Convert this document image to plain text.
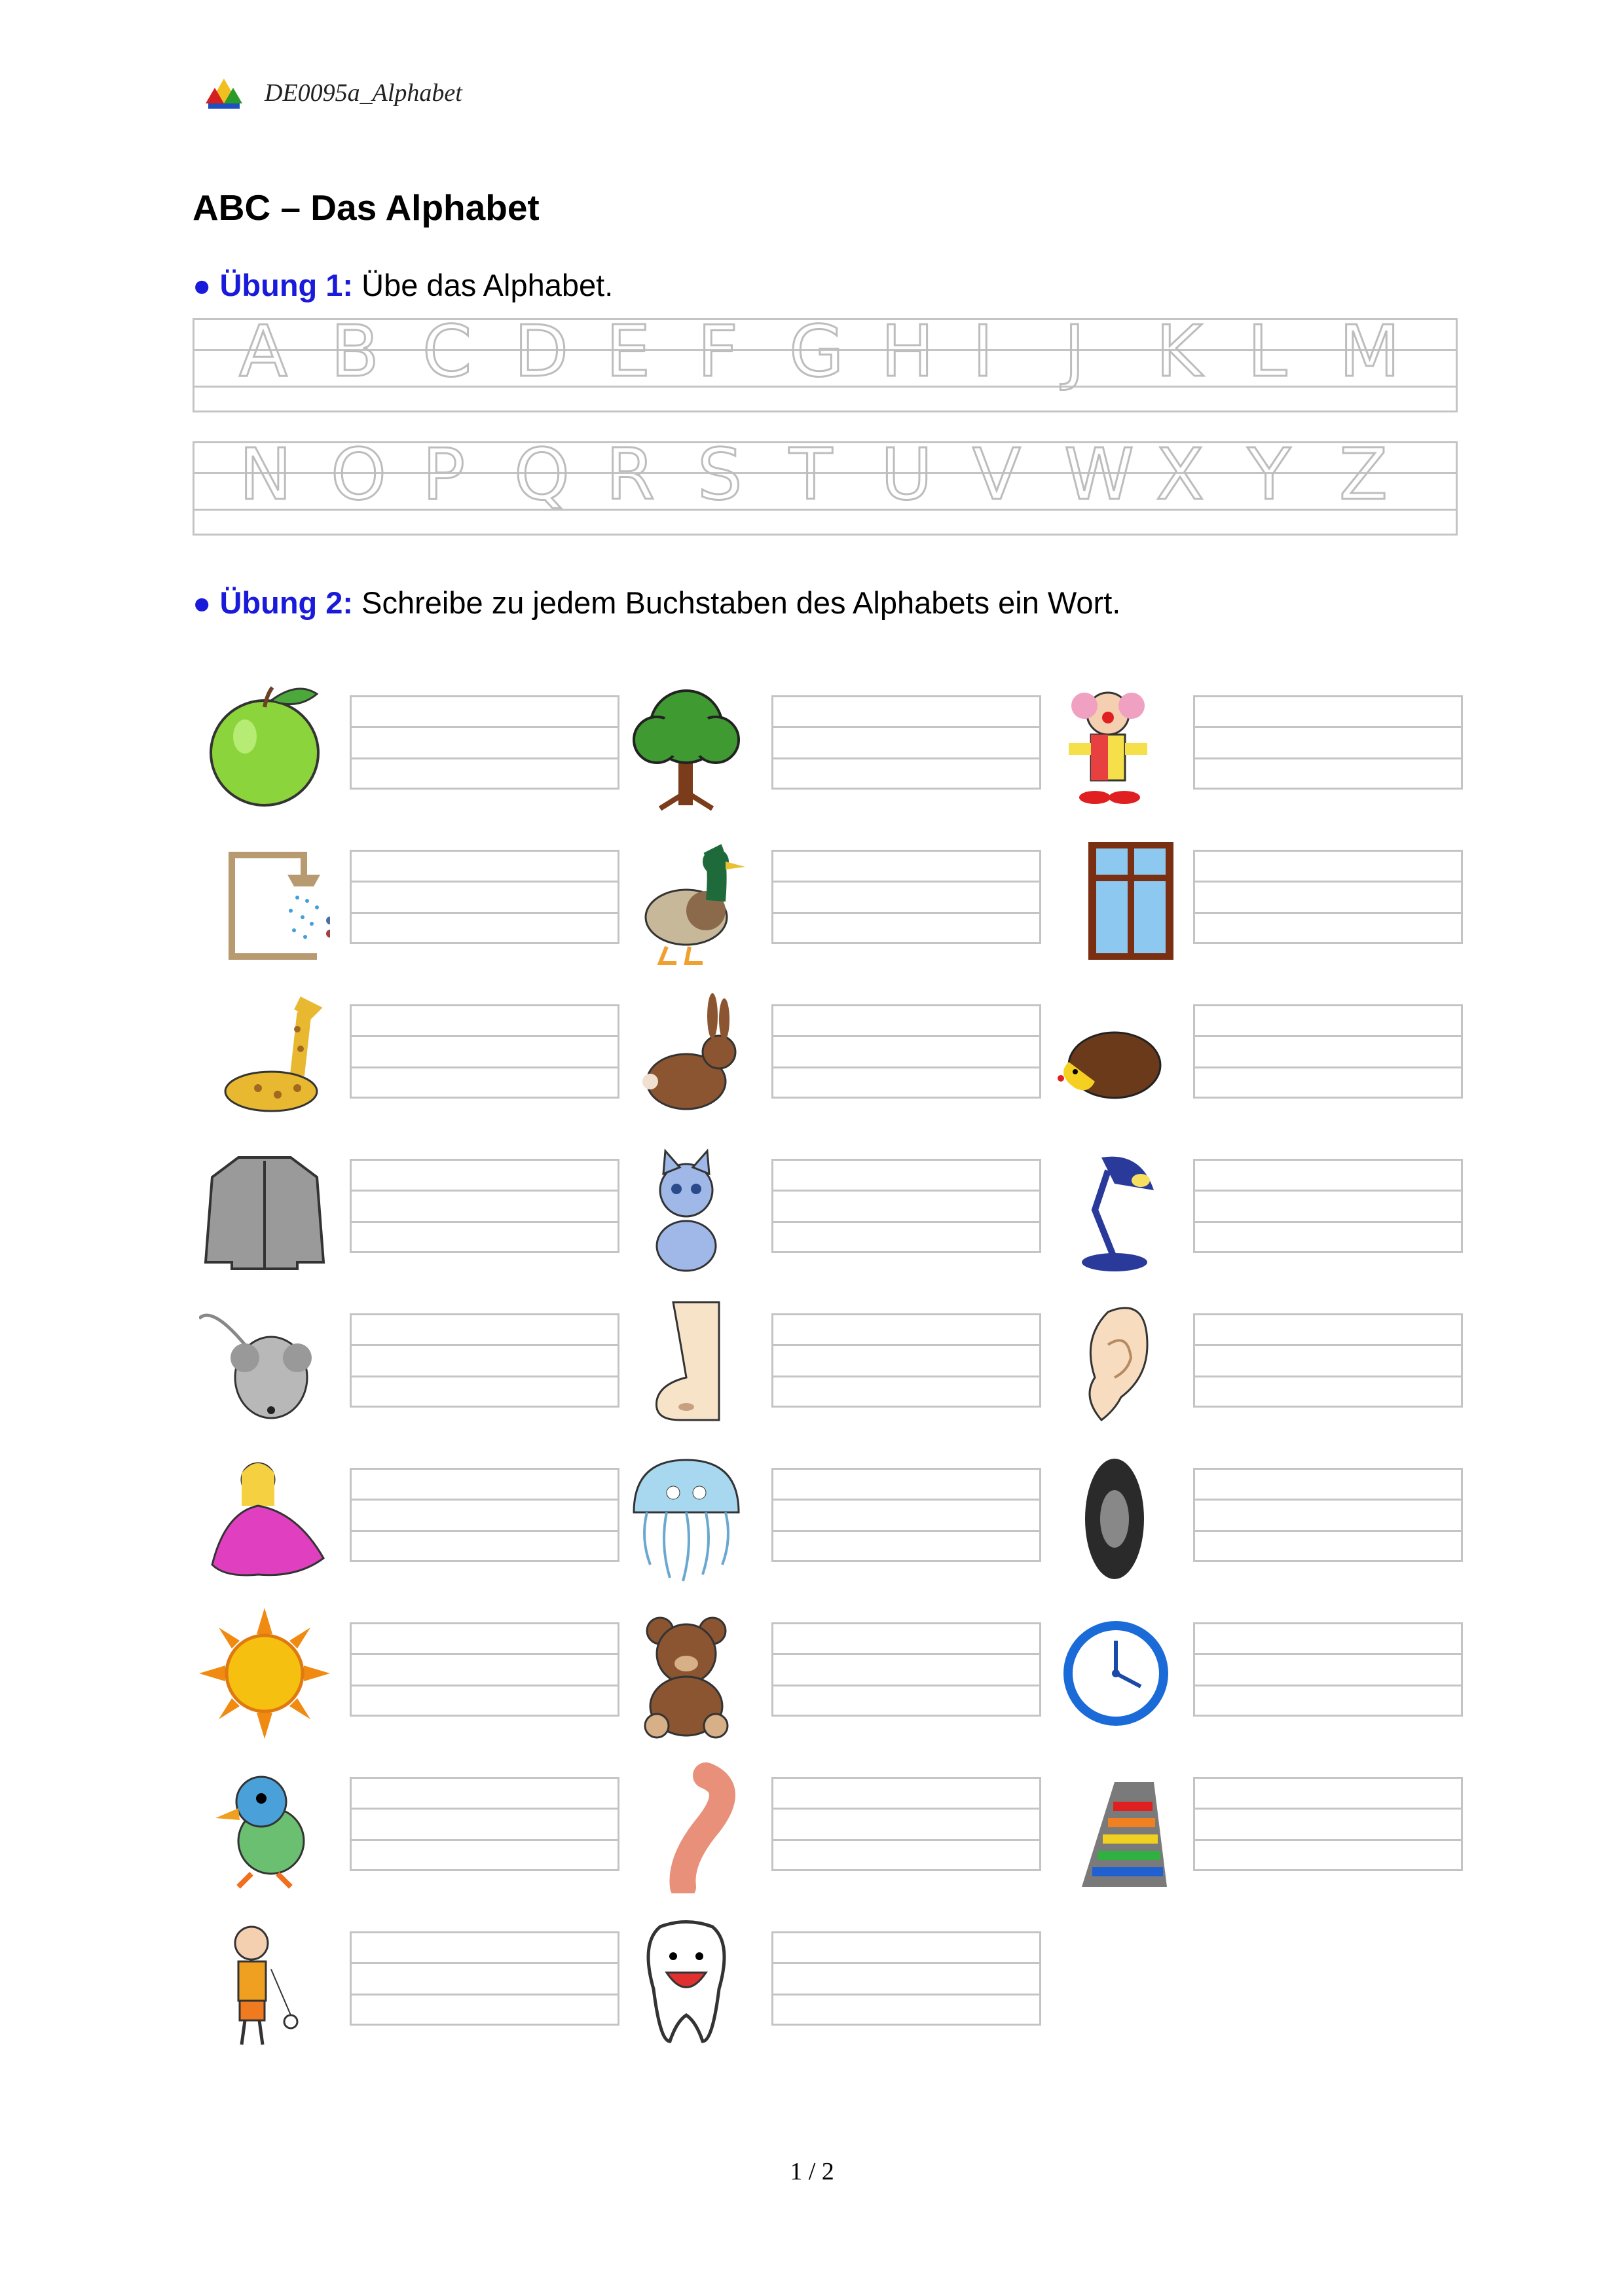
DE0095a_Alphabet
ABC – Das Alphabet
● Übung 1: Übe das Alphabet.
A B C D E F G H I	J	K L M
N O P Q R S T U V W X Y Z
● Übung 2: Schreibe zu jedem Buchstaben des Alphabets ein Wort.
1 / 2
